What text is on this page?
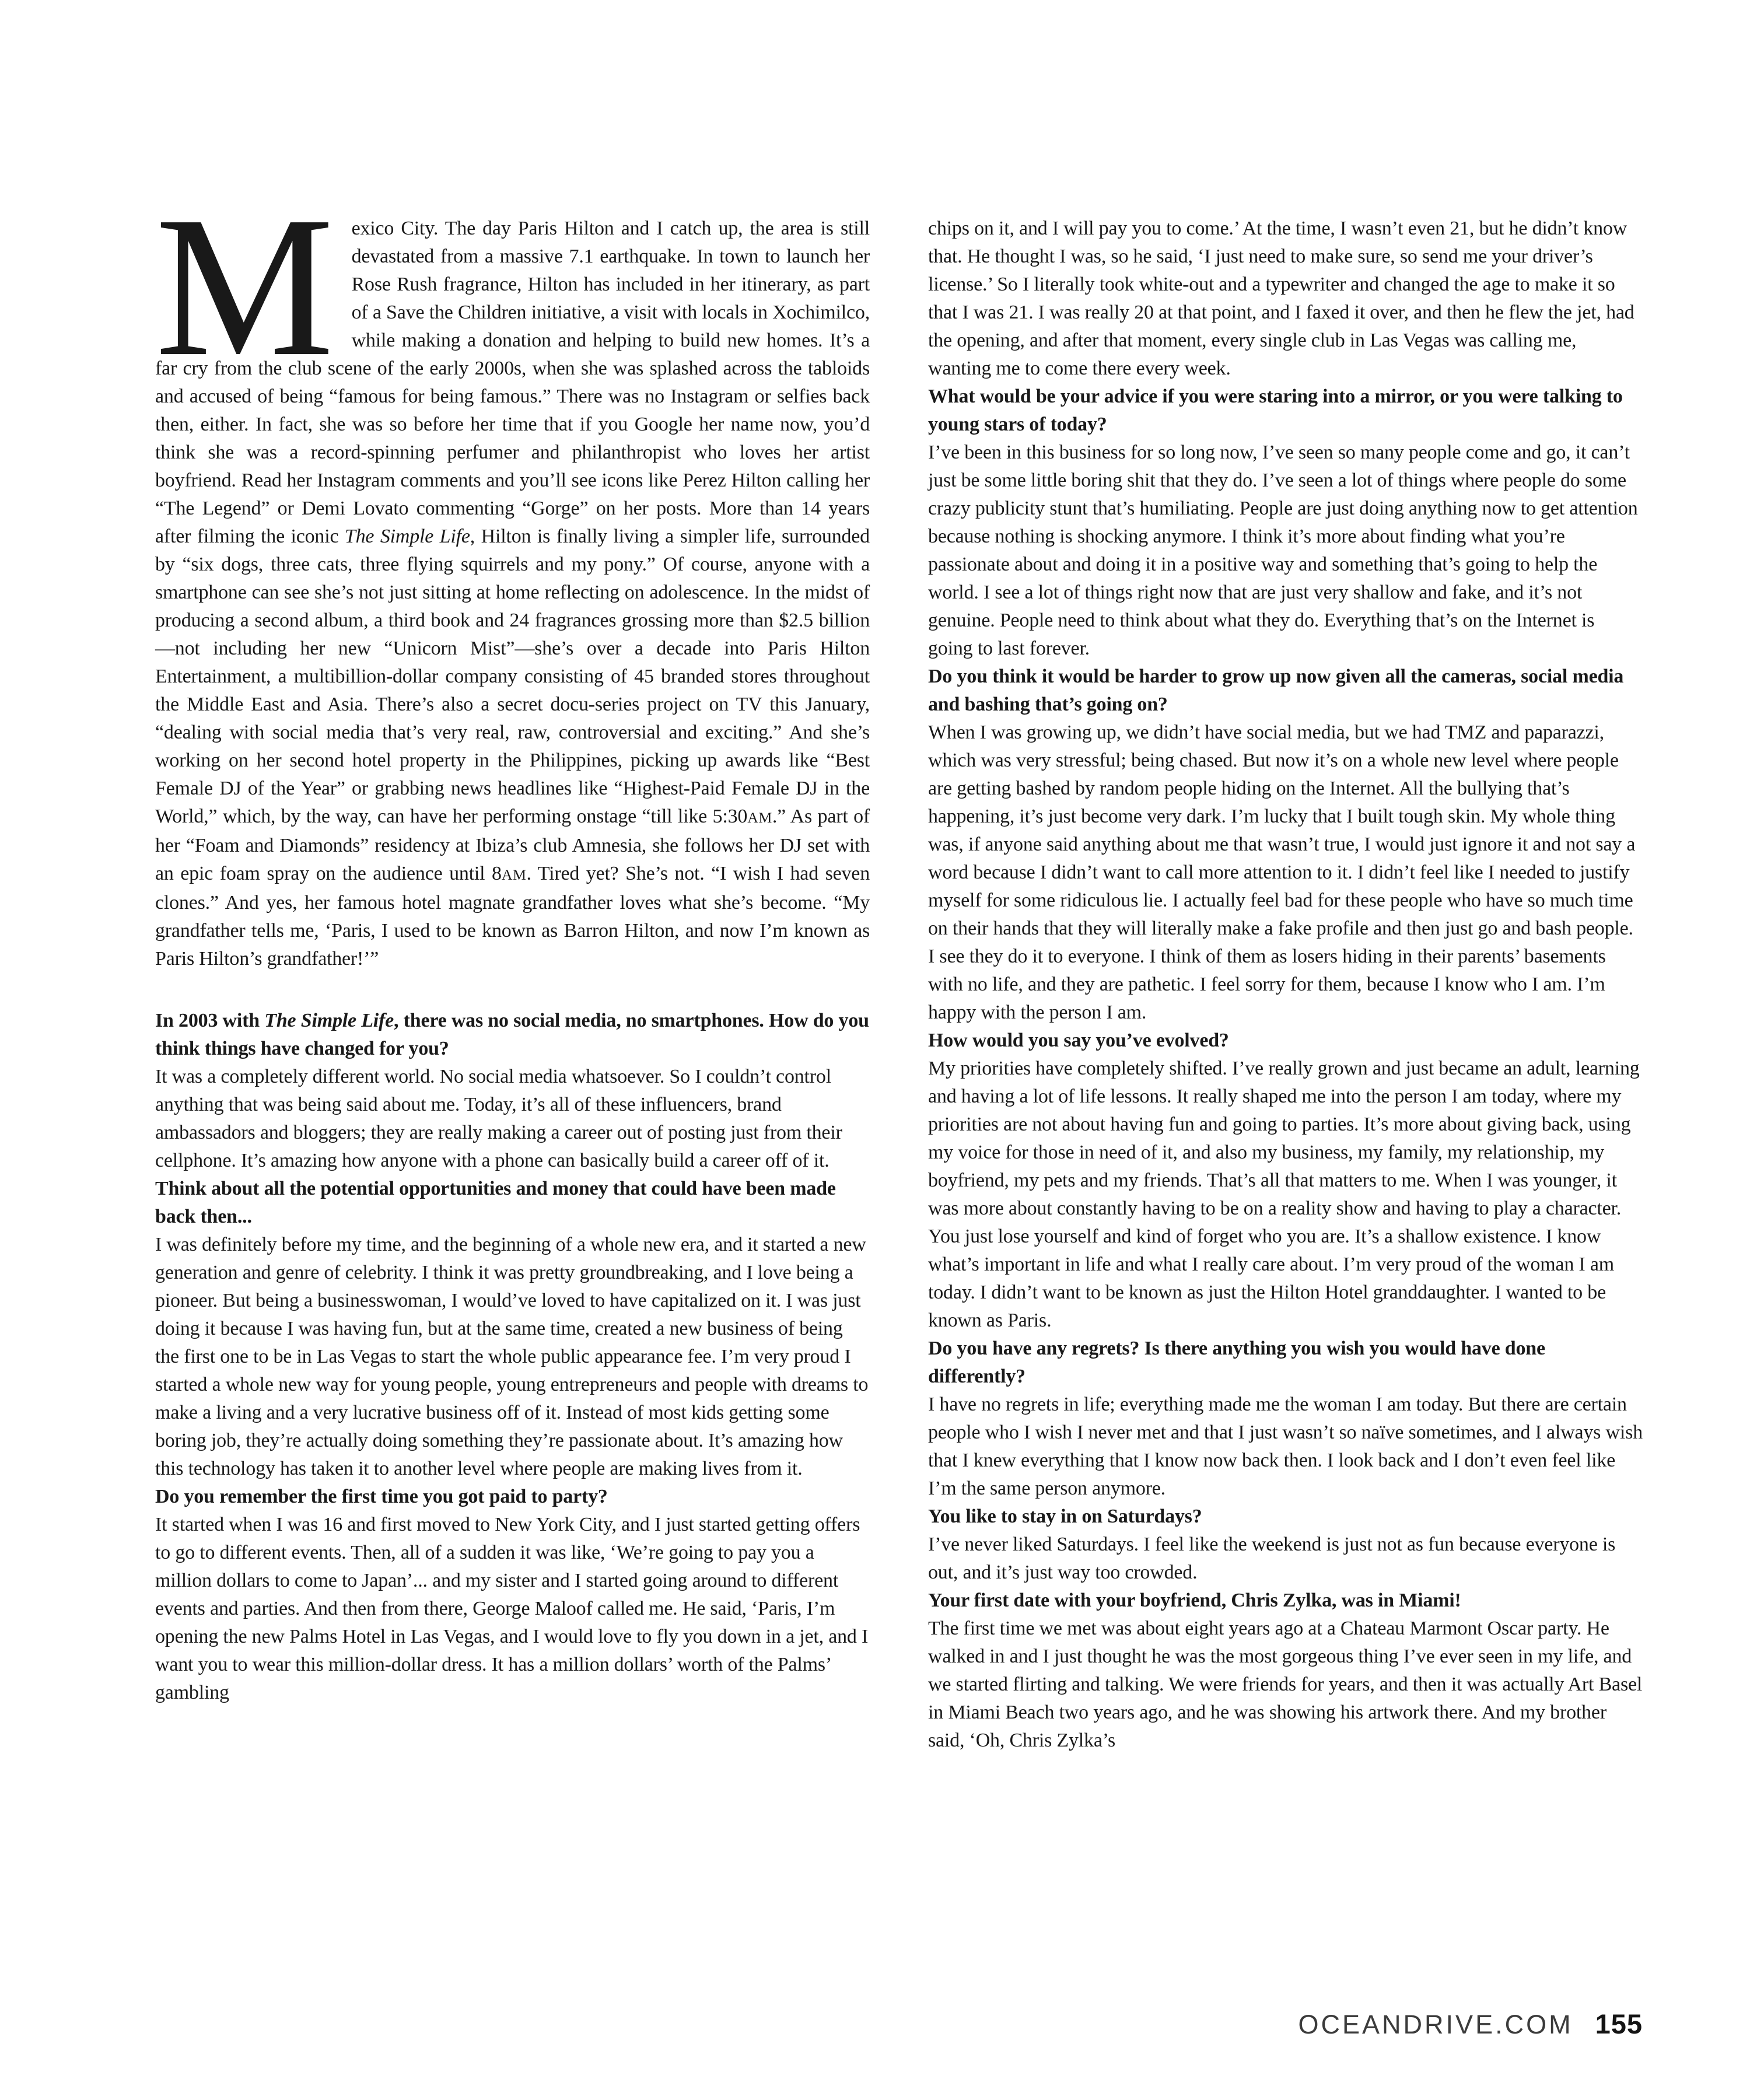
Mexico City. The day Paris Hilton and I catch up, the area is still devastated from a massive 7.1 earthquake. In town to launch her Rose Rush fragrance, Hilton has included in her itinerary, as part of a Save the Children initiative, a visit with locals in Xochimilco, while making a donation and helping to build new homes. It’s a far cry from the club scene of the early 2000s, when she was splashed across the tabloids and accused of being “famous for being famous.” There was no Instagram or selfies back then, either. In fact, she was so before her time that if you Google her name now, you’d think she was a record-spinning perfumer and philanthropist who loves her artist boyfriend. Read her Instagram comments and you’ll see icons like Perez Hilton calling her “The Legend” or Demi Lovato commenting “Gorge” on her posts. More than 14 years after filming the iconic The Simple Life, Hilton is finally living a simpler life, surrounded by “six dogs, three cats, three flying squirrels and my pony.” Of course, anyone with a smartphone can see she’s not just sitting at home reflecting on adolescence. In the midst of producing a second album, a third book and 24 fragrances grossing more than $2.5 billion—not including her new “Unicorn Mist”—she’s over a decade into Paris Hilton Entertainment, a multibillion-dollar company consisting of 45 branded stores throughout the Middle East and Asia. There’s also a secret docu-series project on TV this January, “dealing with social media that’s very real, raw, controversial and exciting.” And she’s working on her second hotel property in the Philippines, picking up awards like “Best Female DJ of the Year” or grabbing news headlines like “Highest-Paid Female DJ in the World,” which, by the way, can have her performing onstage “till like 5:30AM.” As part of her “Foam and Diamonds” residency at Ibiza’s club Amnesia, she follows her DJ set with an epic foam spray on the audience until 8AM. Tired yet? She’s not. “I wish I had seven clones.” And yes, her famous hotel magnate grandfather loves what she’s become. “My grandfather tells me, ‘Paris, I used to be known as Barron Hilton, and now I’m known as Paris Hilton’s grandfather!’”

In 2003 with The Simple Life, there was no social media, no smartphones. How do you think things have changed for you?

It was a completely different world. No social media whatsoever. So I couldn’t control anything that was being said about me. Today, it’s all of these influencers, brand ambassadors and bloggers; they are really making a career out of posting just from their cellphone. It’s amazing how anyone with a phone can basically build a career off of it.

Think about all the potential opportunities and money that could have been made back then...

I was definitely before my time, and the beginning of a whole new era, and it started a new generation and genre of celebrity. I think it was pretty groundbreaking, and I love being a pioneer. But being a businesswoman, I would’ve loved to have capitalized on it. I was just doing it because I was having fun, but at the same time, created a new business of being the first one to be in Las Vegas to start the whole public appearance fee. I’m very proud I started a whole new way for young people, young entrepreneurs and people with dreams to make a living and a very lucrative business off of it. Instead of most kids getting some boring job, they’re actually doing something they’re passionate about. It’s amazing how this technology has taken it to another level where people are making lives from it.

Do you remember the first time you got paid to party?

It started when I was 16 and first moved to New York City, and I just started getting offers to go to different events. Then, all of a sudden it was like, ‘We’re going to pay you a million dollars to come to Japan’... and my sister and I started going around to different events and parties. And then from there, George Maloof called me. He said, ‘Paris, I’m opening the new Palms Hotel in Las Vegas, and I would love to fly you down in a jet, and I want you to wear this million-dollar dress. It has a million dollars’ worth of the Palms’ gambling

chips on it, and I will pay you to come.’ At the time, I wasn’t even 21, but he didn’t know that. He thought I was, so he said, ‘I just need to make sure, so send me your driver’s license.’ So I literally took white-out and a typewriter and changed the age to make it so that I was 21. I was really 20 at that point, and I faxed it over, and then he flew the jet, had the opening, and after that moment, every single club in Las Vegas was calling me, wanting me to come there every week.

What would be your advice if you were staring into a mirror, or you were talking to young stars of today?

I’ve been in this business for so long now, I’ve seen so many people come and go, it can’t just be some little boring shit that they do. I’ve seen a lot of things where people do some crazy publicity stunt that’s humiliating. People are just doing anything now to get attention because nothing is shocking anymore. I think it’s more about finding what you’re passionate about and doing it in a positive way and something that’s going to help the world. I see a lot of things right now that are just very shallow and fake, and it’s not genuine. People need to think about what they do. Everything that’s on the Internet is going to last forever.

Do you think it would be harder to grow up now given all the cameras, social media and bashing that’s going on?

When I was growing up, we didn’t have social media, but we had TMZ and paparazzi, which was very stressful; being chased. But now it’s on a whole new level where people are getting bashed by random people hiding on the Internet. All the bullying that’s happening, it’s just become very dark. I’m lucky that I built tough skin. My whole thing was, if anyone said anything about me that wasn’t true, I would just ignore it and not say a word because I didn’t want to call more attention to it. I didn’t feel like I needed to justify myself for some ridiculous lie. I actually feel bad for these people who have so much time on their hands that they will literally make a fake profile and then just go and bash people. I see they do it to everyone. I think of them as losers hiding in their parents’ basements with no life, and they are pathetic. I feel sorry for them, because I know who I am. I’m happy with the person I am.

How would you say you’ve evolved?

My priorities have completely shifted. I’ve really grown and just became an adult, learning and having a lot of life lessons. It really shaped me into the person I am today, where my priorities are not about having fun and going to parties. It’s more about giving back, using my voice for those in need of it, and also my business, my family, my relationship, my boyfriend, my pets and my friends. That’s all that matters to me. When I was younger, it was more about constantly having to be on a reality show and having to play a character. You just lose yourself and kind of forget who you are. It’s a shallow existence. I know what’s important in life and what I really care about. I’m very proud of the woman I am today. I didn’t want to be known as just the Hilton Hotel granddaughter. I wanted to be known as Paris.

Do you have any regrets? Is there anything you wish you would have done differently?

I have no regrets in life; everything made me the woman I am today. But there are certain people who I wish I never met and that I just wasn’t so naïve sometimes, and I always wish that I knew everything that I know now back then. I look back and I don’t even feel like I’m the same person anymore.

You like to stay in on Saturdays?

I’ve never liked Saturdays. I feel like the weekend is just not as fun because everyone is out, and it’s just way too crowded.

Your first date with your boyfriend, Chris Zylka, was in Miami!

The first time we met was about eight years ago at a Chateau Marmont Oscar party. He walked in and I just thought he was the most gorgeous thing I’ve ever seen in my life, and we started flirting and talking. We were friends for years, and then it was actually Art Basel in Miami Beach two years ago, and he was showing his artwork there. And my brother said, ‘Oh, Chris Zylka’s

OCEANDRIVE.COM 155
